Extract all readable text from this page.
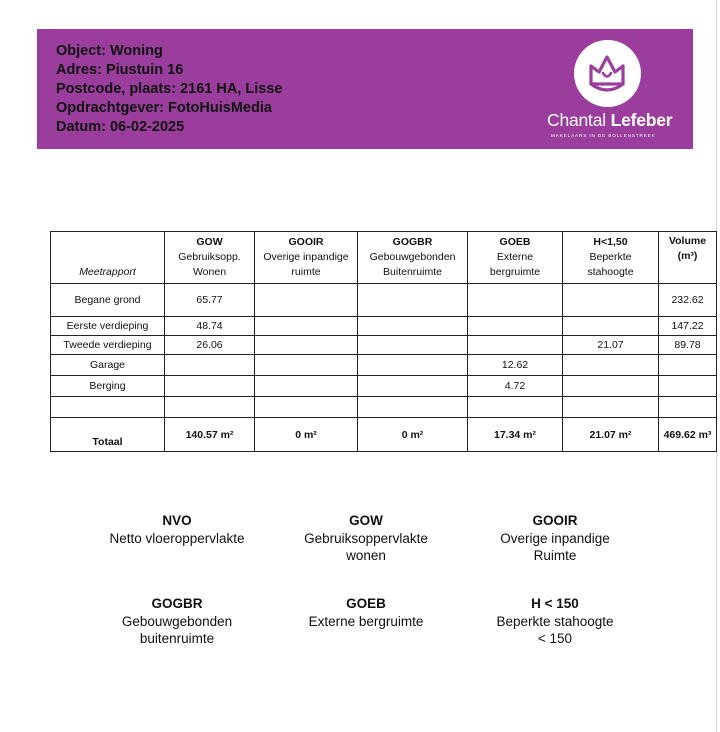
Object: Woning
Adres: Piustuin 16
Postcode, plaats: 2161 HA, Lisse
Opdrachtgever: FotoHuisMedia
Datum: 06-02-2025	Chantal Lefeber
MAKELAARS IN DE BOLLENSTREEK
Meetrapport	GOW
Gebruiksopp.
Wonen	GOOIR
Overige inpandige
ruimte	GOGBR
Gebouwgebonden
Buitenruimte	GOEB
Externe
bergruimte	H<1,50
Beperkte
stahoogte	Volume
(m³)
Begane grond	65.77					232.62
Eerste verdieping	48.74					147.22
Tweede verdieping	26.06				21.07	89.78
Garage				12.62		
Berging				4.72		

Totaal	140.57 m²	0 m²	0 m²	17.34 m²	21.07 m²	469.62 m³
NVO
Netto vloeroppervlakte
GOW
Gebruiksoppervlakte
wonen
GOOIR
Overige inpandige
Ruimte
GOGBR
Gebouwgebonden
buitenruimte
GOEB
Externe bergruimte
H < 150
Beperkte stahoogte
< 150
